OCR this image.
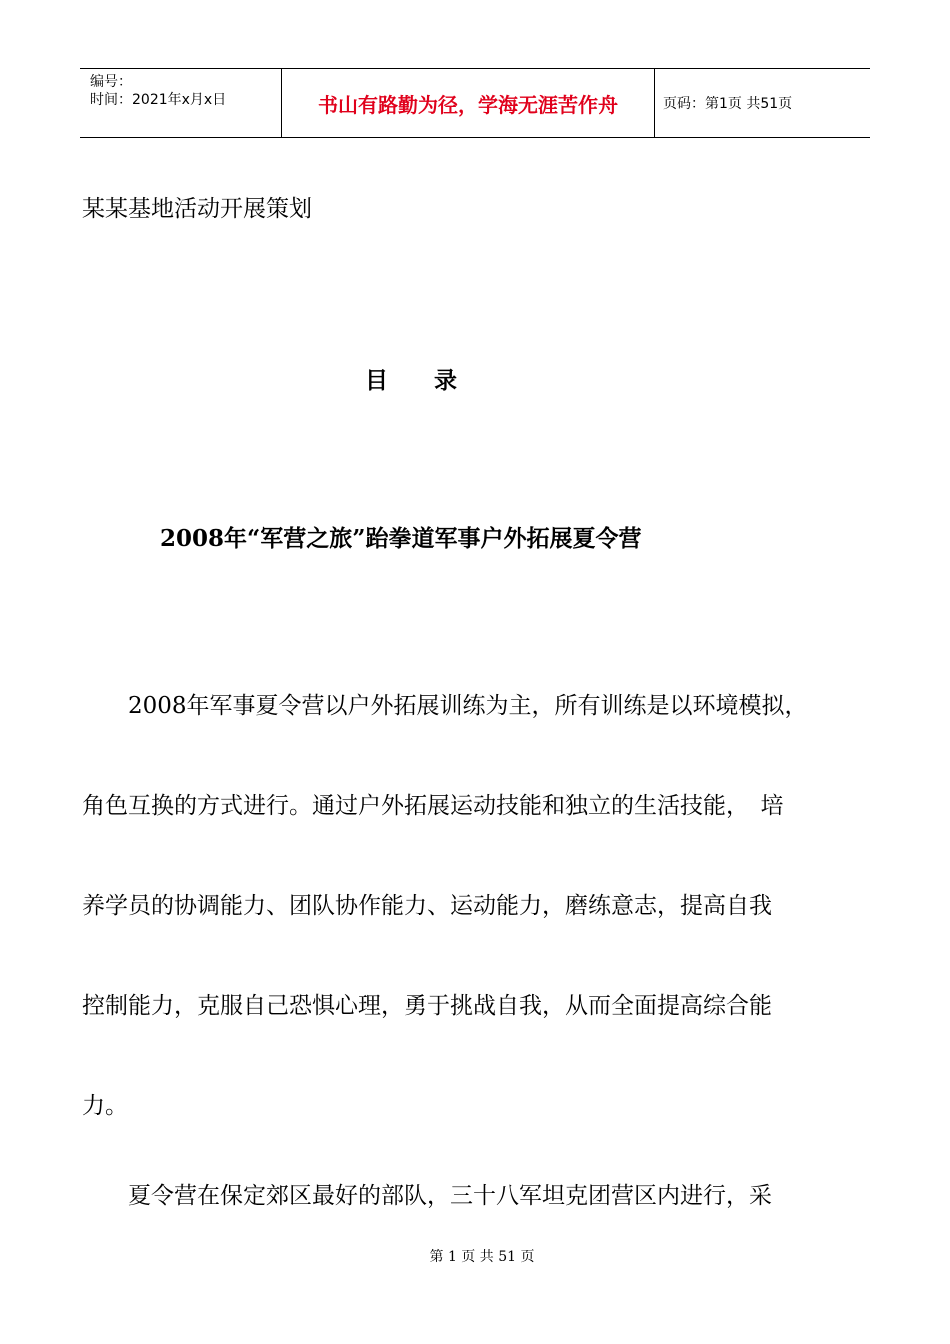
编号：
时间：2021年x月x日	书山有路勤为径，学海无涯苦作舟	页码：第1页 共51页
某某基地活动开展策划
目 录
2008年“军营之旅”跆拳道军事户外拓展夏令营
　　2008年军事夏令营以户外拓展训练为主，所有训练是以环境模拟，
角色互换的方式进行。通过户外拓展运动技能和独立的生活技能，　培
养学员的协调能力、团队协作能力、运动能力，磨练意志，提高自我
控制能力，克服自己恐惧心理，勇于挑战自我，从而全面提高综合能
力。
　　夏令营在保定郊区最好的部队，三十八军坦克团营区内进行，采
第 1 页 共 51 页
